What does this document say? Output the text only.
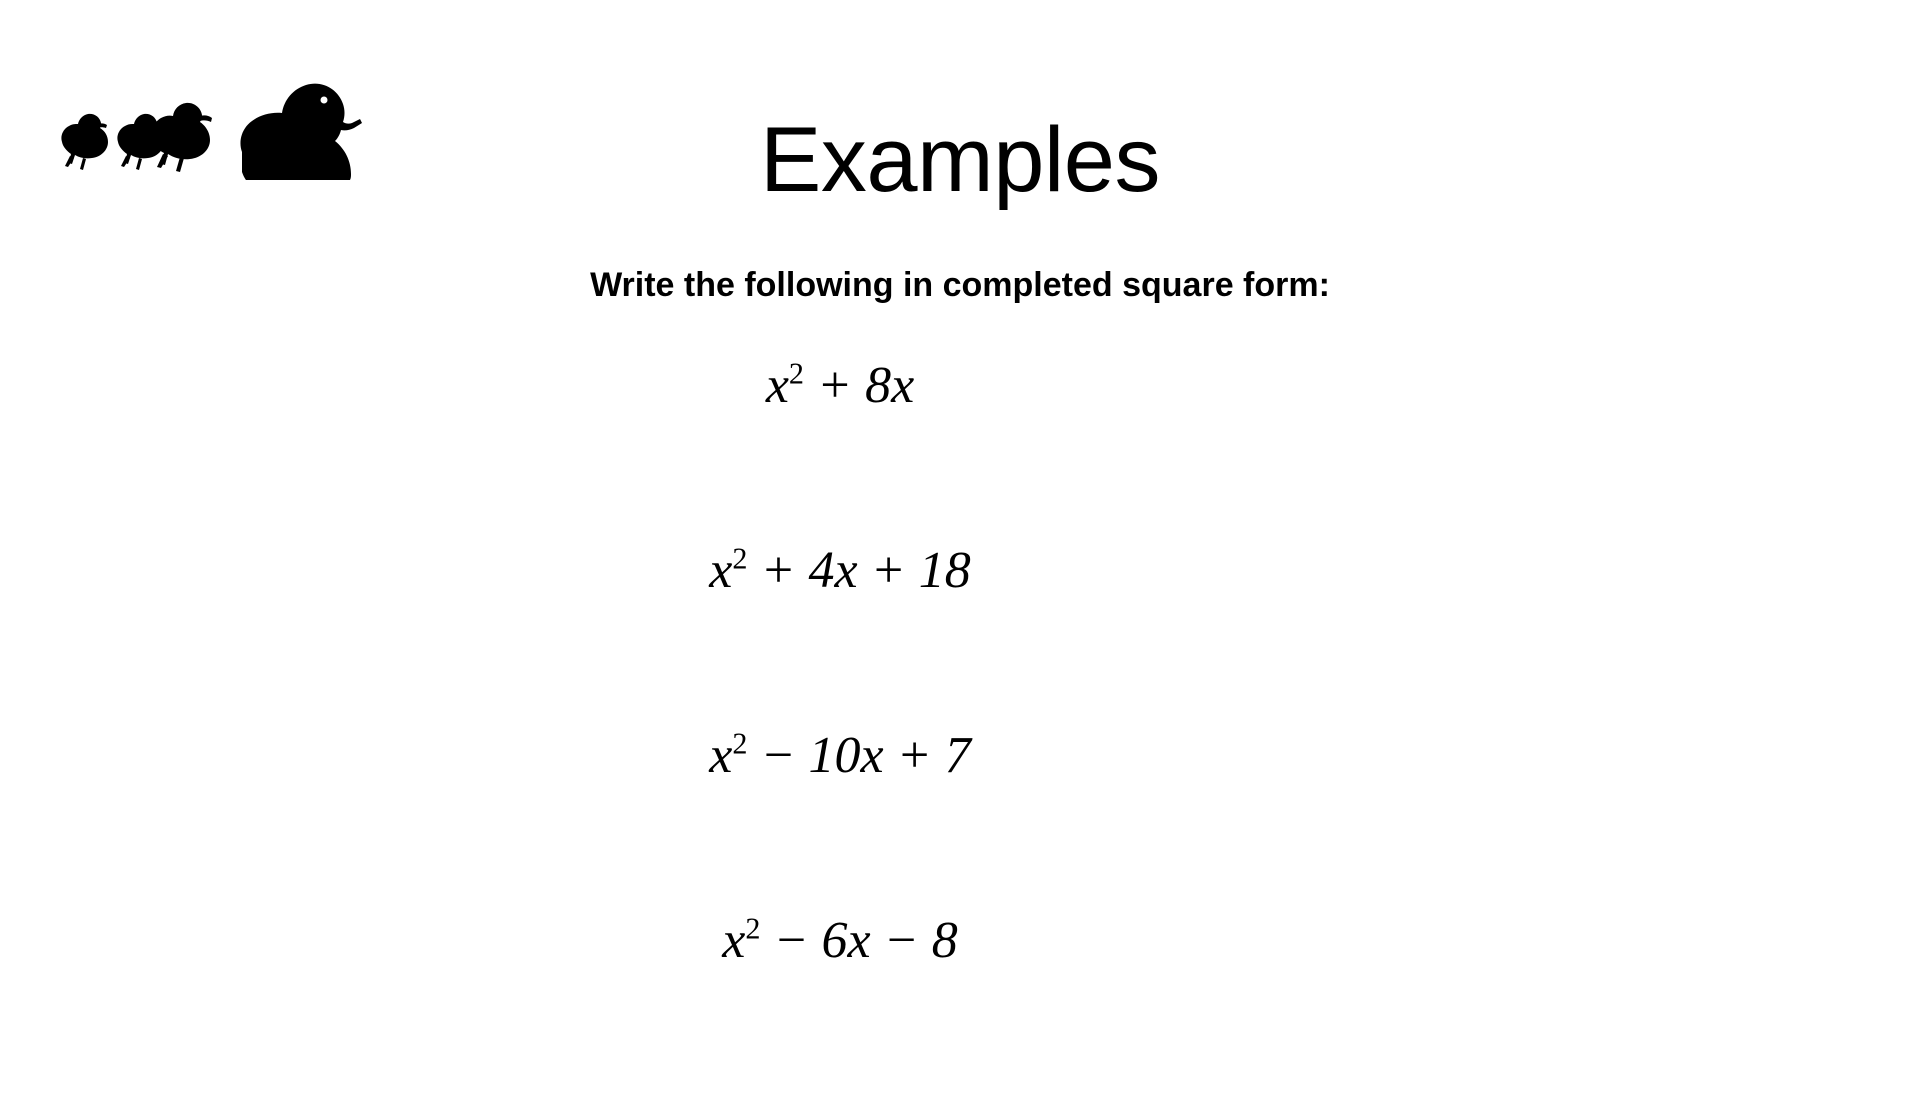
Examples
Write the following in completed square form:
$x^2 + 8x$
$x^2 + 4x + 18$
$x^2 - 10x + 7$
$x^2 - 6x - 8$
